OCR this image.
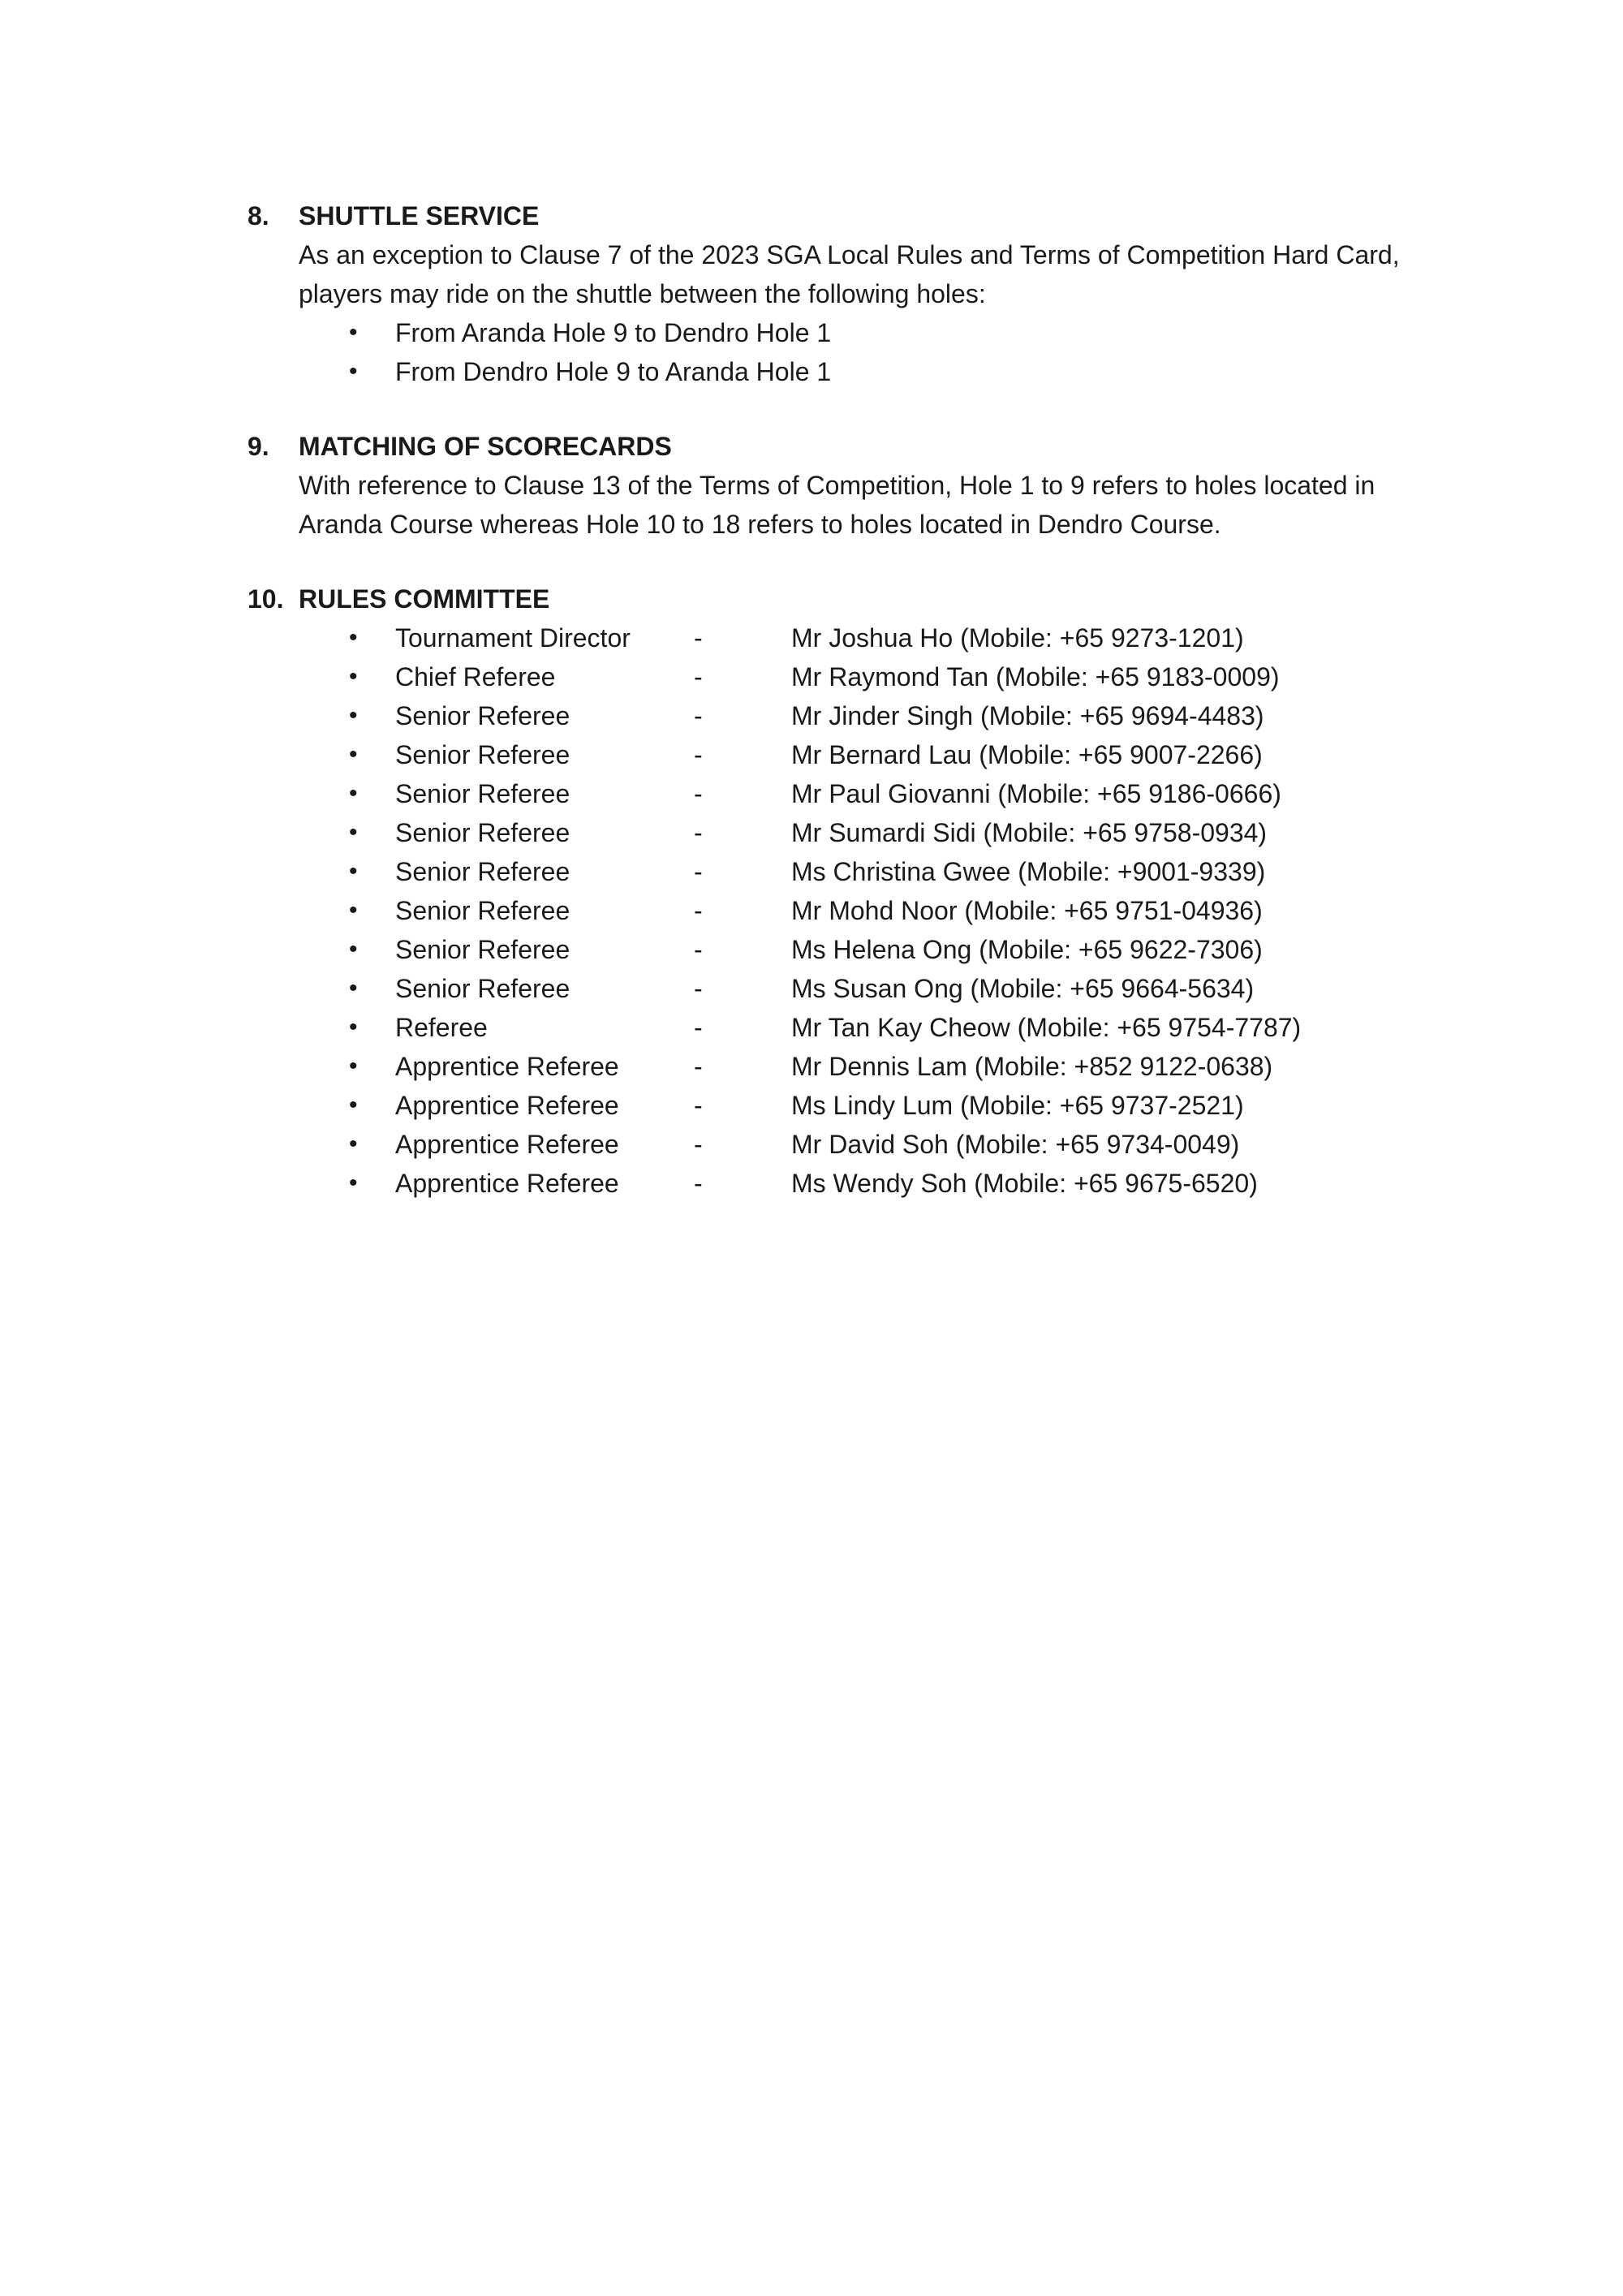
8.	SHUTTLE SERVICE

As an exception to Clause 7 of the 2023 SGA Local Rules and Terms of Competition Hard Card, players may ride on the shuttle between the following holes:

•	From Aranda Hole 9 to Dendro Hole 1
•	From Dendro Hole 9 to Aranda Hole 1
9.	MATCHING OF SCORECARDS

With reference to Clause 13 of the Terms of Competition, Hole 1 to 9 refers to holes located in Aranda Course whereas Hole 10 to 18 refers to holes located in Dendro Course.

10. RULES COMMITTEE
•	Tournament Director	-	Mr Joshua Ho (Mobile: +65 9273-1201)
•	Chief Referee	-	Mr Raymond Tan (Mobile: +65 9183-0009)
•	Senior Referee	-	Mr Jinder Singh (Mobile: +65 9694-4483)
•	Senior Referee	-	Mr Bernard Lau (Mobile: +65 9007-2266)
•	Senior Referee	-	Mr Paul Giovanni (Mobile: +65 9186-0666)
•	Senior Referee	-	Mr Sumardi Sidi (Mobile: +65 9758-0934)
•	Senior Referee	-	Ms Christina Gwee (Mobile: +9001-9339)
•	Senior Referee	-	Mr Mohd Noor (Mobile: +65 9751-04936)
•	Senior Referee	-	Ms Helena Ong (Mobile: +65 9622-7306)
•	Senior Referee	-	Ms Susan Ong (Mobile: +65 9664-5634)
•	Referee	-	Mr Tan Kay Cheow (Mobile: +65 9754-7787)
•	Apprentice Referee	-	Mr Dennis Lam (Mobile: +852 9122-0638)
•	Apprentice Referee	-	Ms Lindy Lum (Mobile: +65 9737-2521)
•	Apprentice Referee	-	Mr David Soh (Mobile: +65 9734-0049)
•	Apprentice Referee	-	Ms Wendy Soh (Mobile: +65 9675-6520)
